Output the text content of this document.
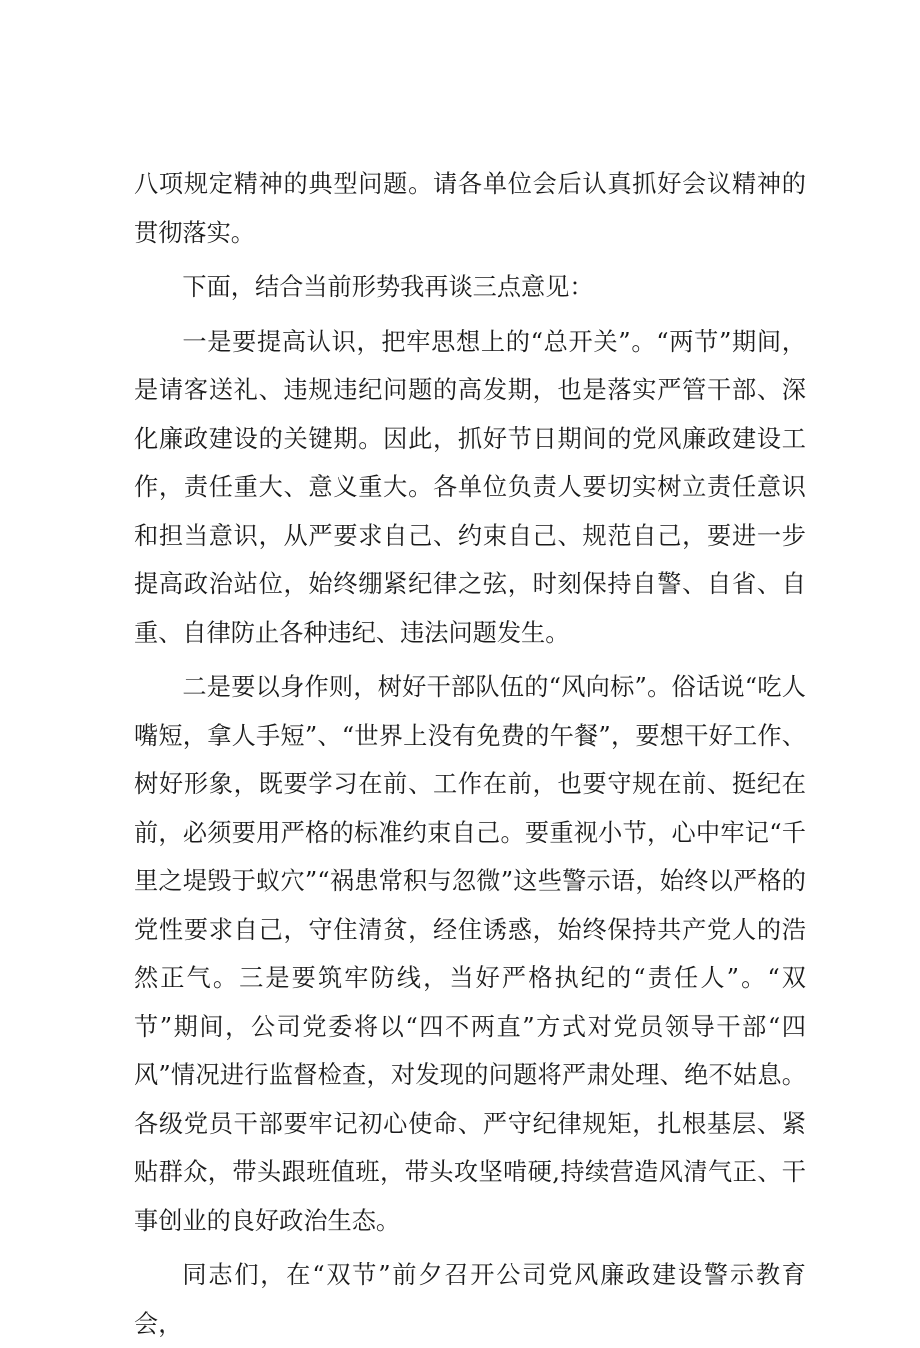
八项规定精神的典型问题。请各单位会后认真抓好会议精神的贯彻落实。

下面，结合当前形势我再谈三点意见：

一是要提高认识，把牢思想上的“总开关”。“两节”期间，是请客送礼、违规违纪问题的高发期，也是落实严管干部、深化廉政建设的关键期。因此，抓好节日期间的党风廉政建设工作，责任重大、意义重大。各单位负责人要切实树立责任意识和担当意识，从严要求自己、约束自己、规范自己，要进一步提高政治站位，始终绷紧纪律之弦，时刻保持自警、自省、自重、自律防止各种违纪、违法问题发生。

二是要以身作则，树好干部队伍的“风向标”。俗话说“吃人嘴短，拿人手短”、“世界上没有免费的午餐”，要想干好工作、树好形象，既要学习在前、工作在前，也要守规在前、挺纪在前，必须要用严格的标准约束自己。要重视小节，心中牢记“千里之堤毁于蚁穴”“祸患常积与忽微”这些警示语，始终以严格的党性要求自己，守住清贫，经住诱惑，始终保持共产党人的浩然正气。三是要筑牢防线，当好严格执纪的“责任人”。“双节”期间，公司党委将以“四不两直”方式对党员领导干部“四风”情况进行监督检查，对发现的问题将严肃处理、绝不姑息。各级党员干部要牢记初心使命、严守纪律规矩，扎根基层、紧贴群众，带头跟班值班，带头攻坚啃硬,持续营造风清气正、干事创业的良好政治生态。

同志们，在“双节”前夕召开公司党风廉政建设警示教育会，
